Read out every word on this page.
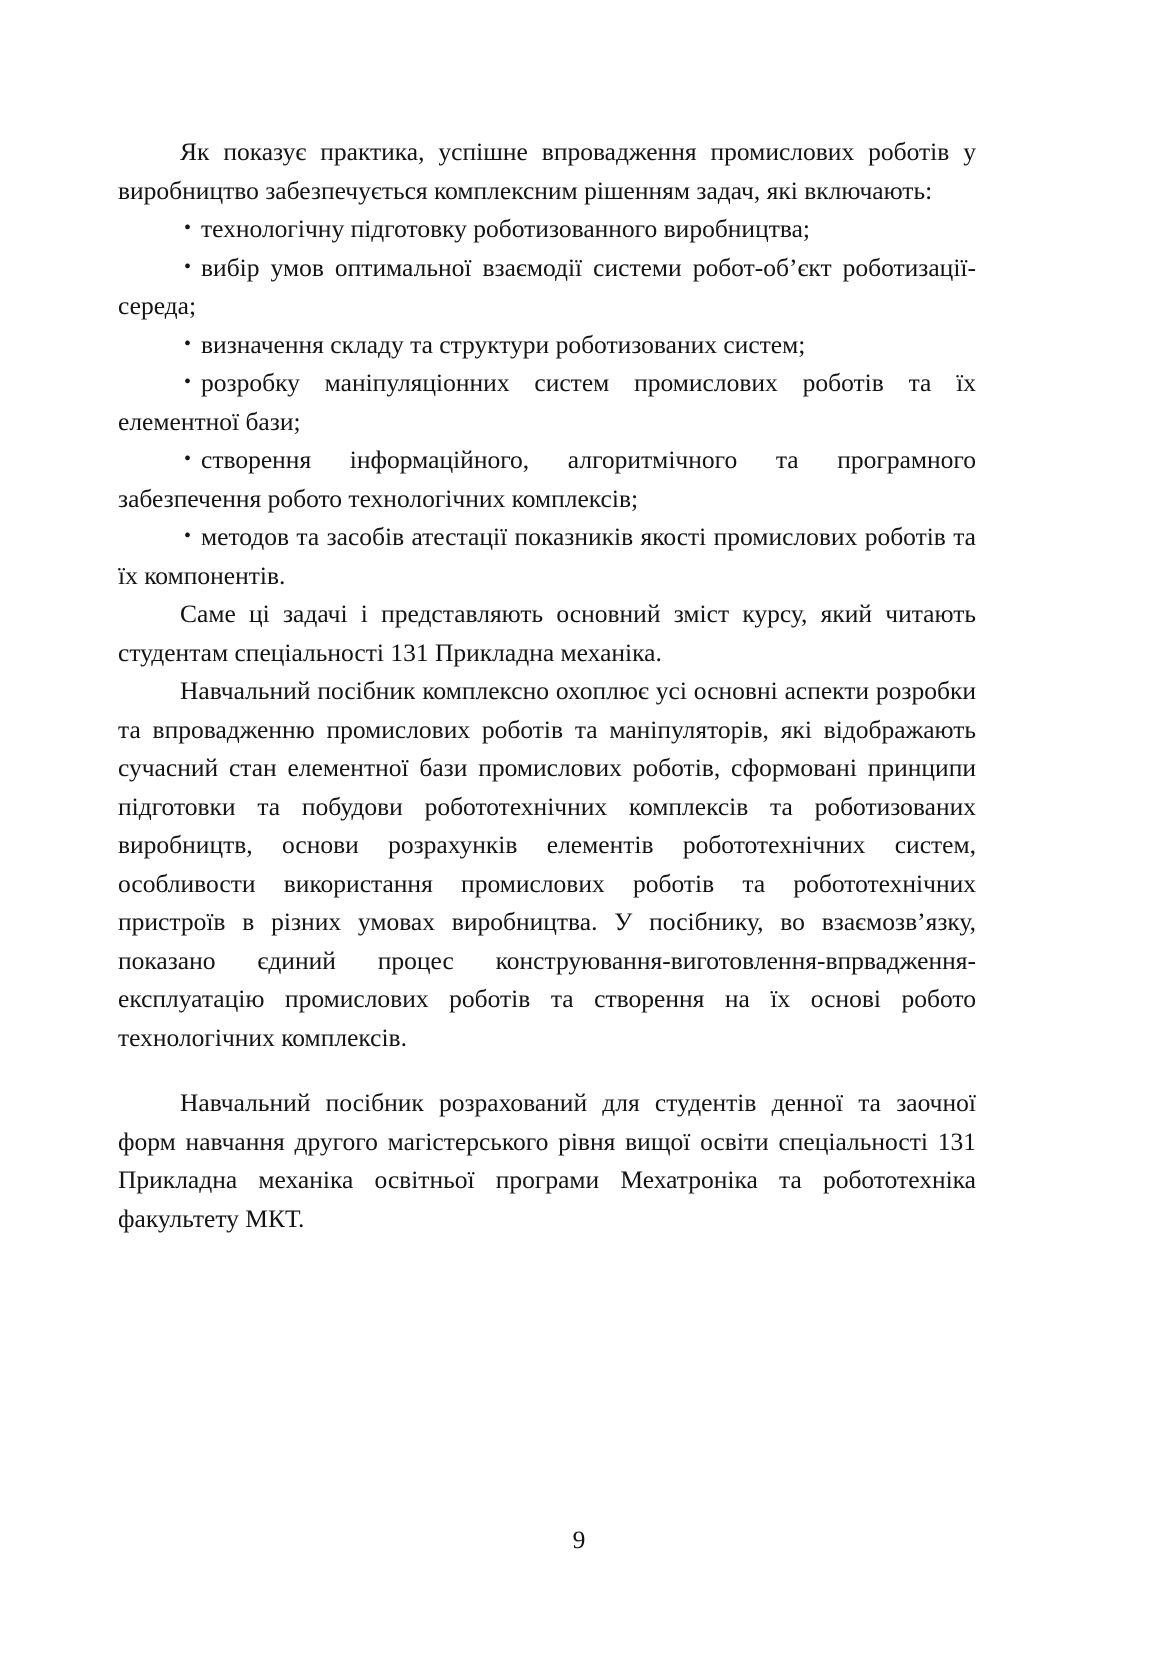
Як показує практика, успішне впровадження промислових роботів у виробництво забезпечується комплексним рішенням задач, які включають:

• технологічну підготовку роботизованного виробництва;

• вибір умов оптимальної взаємодії системи робот-об’єкт роботизації-середа;

• визначення складу та структури роботизованих систем;

• розробку маніпуляціонних систем промислових роботів та їх елементної бази;

• створення інформаційного, алгоритмічного та програмного забезпечення робото технологічних комплексів;

• методов та засобів атестації показників якості промислових роботів та їх компонентів.

Саме ці задачі і представляють основний зміст курсу, який читають студентам спеціальності 131 Прикладна механіка.

Навчальний посібник комплексно охоплює усі основні аспекти розробки та впровадженню промислових роботів та маніпуляторів, які відображають сучасний стан елементної бази промислових роботів, сформовані принципи підготовки та побудови робототехнічних комплексів та роботизованих виробництв, основи розрахунків елементів робототехнічних систем, особливости використання промислових роботів та робототехнічних пристроїв в різних умовах виробництва. У посібнику, во взаємозв’язку, показано єдиний процес конструювання-виготовлення-впрвадження-експлуатацію промислових роботів та створення на їх основі робото технологічних комплексів.

Навчальний посібник розрахований для студентів денної та заочної форм навчання другого магістерського рівня вищої освіти спеціальності 131 Прикладна механіка освітньої програми Мехатроніка та робототехніка факультету МКТ.

9
